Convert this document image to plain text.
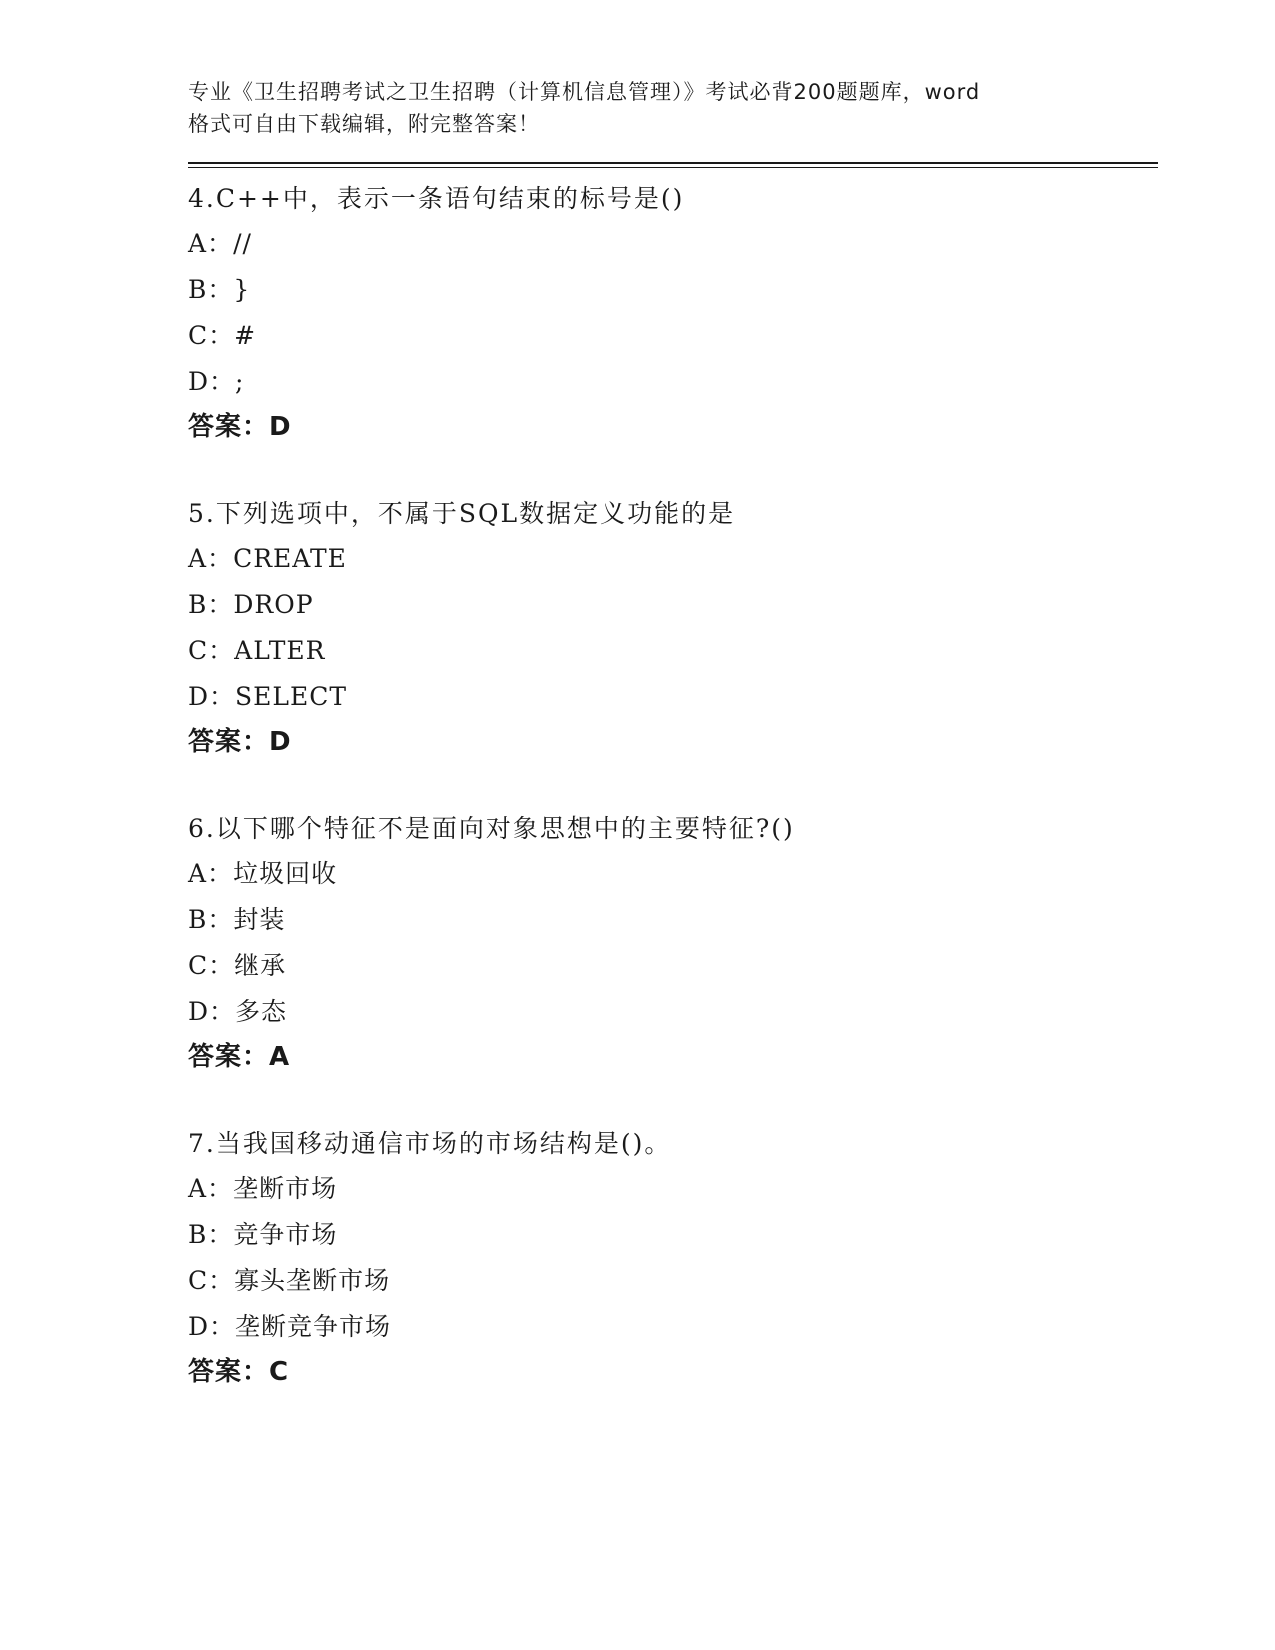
专业《卫生招聘考试之卫生招聘（计算机信息管理）》考试必背200题题库，word
格式可自由下载编辑，附完整答案！
4.C++中，表示一条语句结束的标号是()
A： //
B： }
C： #
D： ;
答案：D
5.下列选项中，不属于SQL数据定义功能的是
A： CREATE
B： DROP
C： ALTER
D： SELECT
答案：D
6.以下哪个特征不是面向对象思想中的主要特征?()
A： 垃圾回收
B： 封装
C： 继承
D： 多态
答案：A
7.当我国移动通信市场的市场结构是()。
A： 垄断市场
B： 竞争市场
C： 寡头垄断市场
D： 垄断竞争市场
答案：C
